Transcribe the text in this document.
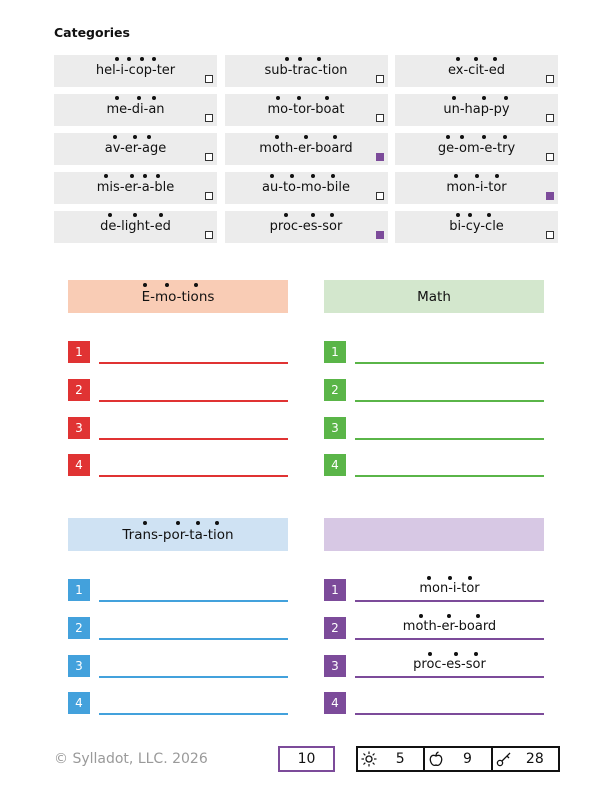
Categories
hel-i-cop-ter	sub-trac-tion	ex-cit-ed
me-di-an	mo-tor-boat	un-hap-py
av-er-age	moth-er-board	ge-om-e-try
mis-er-a-ble	au-to-mo-bile	mon-i-tor
de-light-ed	proc-es-sor	bi-cy-cle
E-mo-tions
1
2
3
4
Math
1
2
3
4
Trans-por-ta-tion
1
2
3
4
1	mon-i-tor
2	moth-er-board
3	proc-es-sor
4
© Sylladot, LLC. 2026	10	5	9	28
